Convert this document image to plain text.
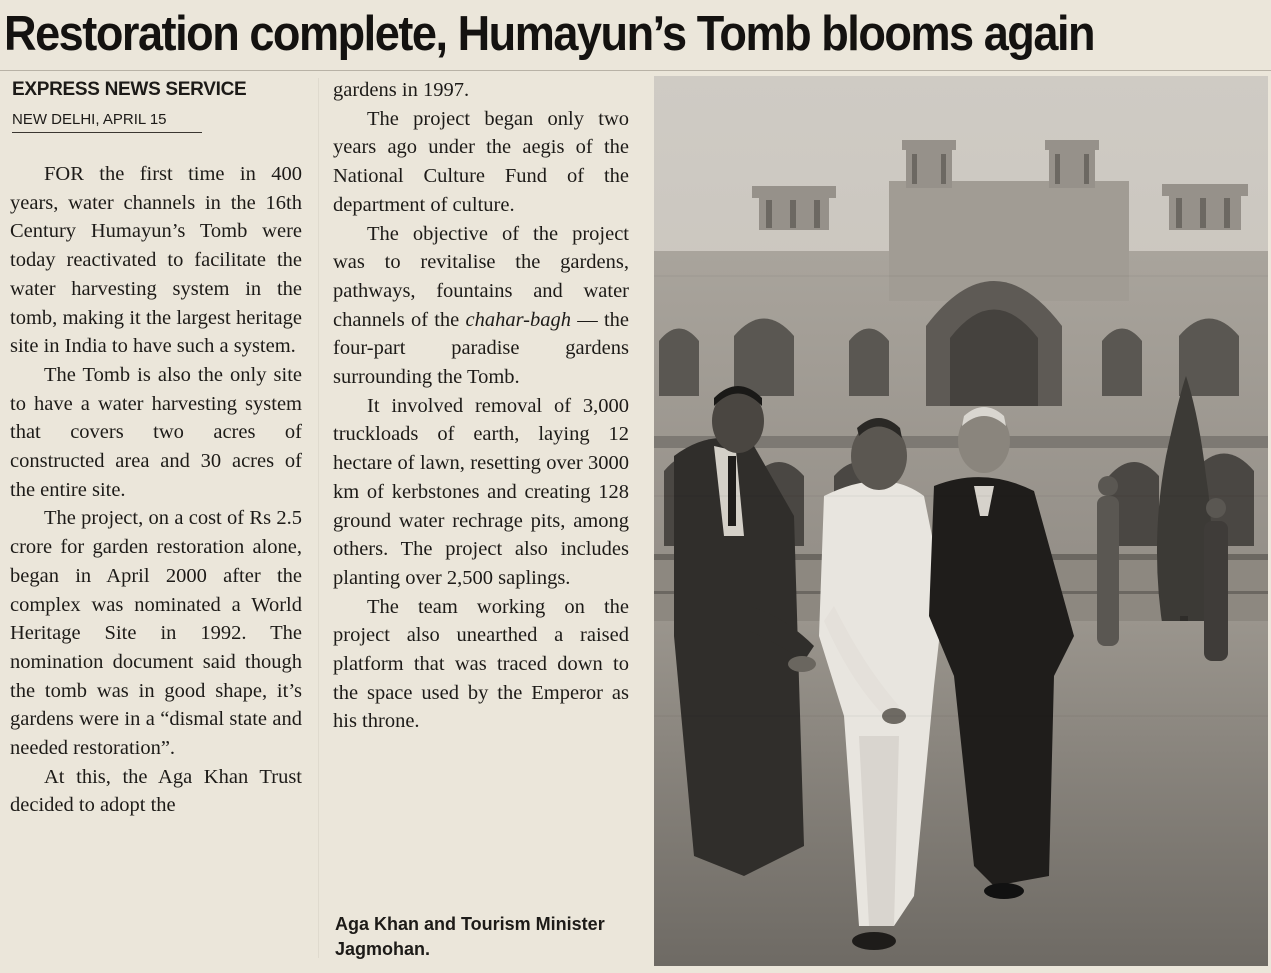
Restoration complete, Humayun’s Tomb blooms again
EXPRESS NEWS SERVICE
NEW DELHI, APRIL 15

FOR the first time in 400 years, water channels in the 16th Century Humayun’s Tomb were today reactivated to facilitate the water harvesting system in the tomb, making it the largest heritage site in India to have such a system.

The Tomb is also the only site to have a water harvesting system that covers two acres of constructed area and 30 acres of the entire site.

The project, on a cost of Rs 2.5 crore for garden restoration alone, began in April 2000 after the complex was nominated a World Heritage Site in 1992. The nomination document said though the tomb was in good shape, it’s gardens were in a “dismal state and needed restoration”.

At this, the Aga Khan Trust decided to adopt the

gardens in 1997.

The project began only two years ago under the aegis of the National Culture Fund of the department of culture.

The objective of the project was to revitalise the gardens, pathways, fountains and water channels of the chahar-bagh — the four-part paradise gardens surrounding the Tomb.

It involved removal of 3,000 truckloads of earth, laying 12 hectare of lawn, resetting over 3000 km of kerbstones and creating 128 ground water rechrage pits, among others. The project also includes planting over 2,500 saplings.

The team working on the project also unearthed a raised platform that was traced down to the space used by the Emperor as his throne.

Aga Khan and Tourism Minister Jagmohan.
